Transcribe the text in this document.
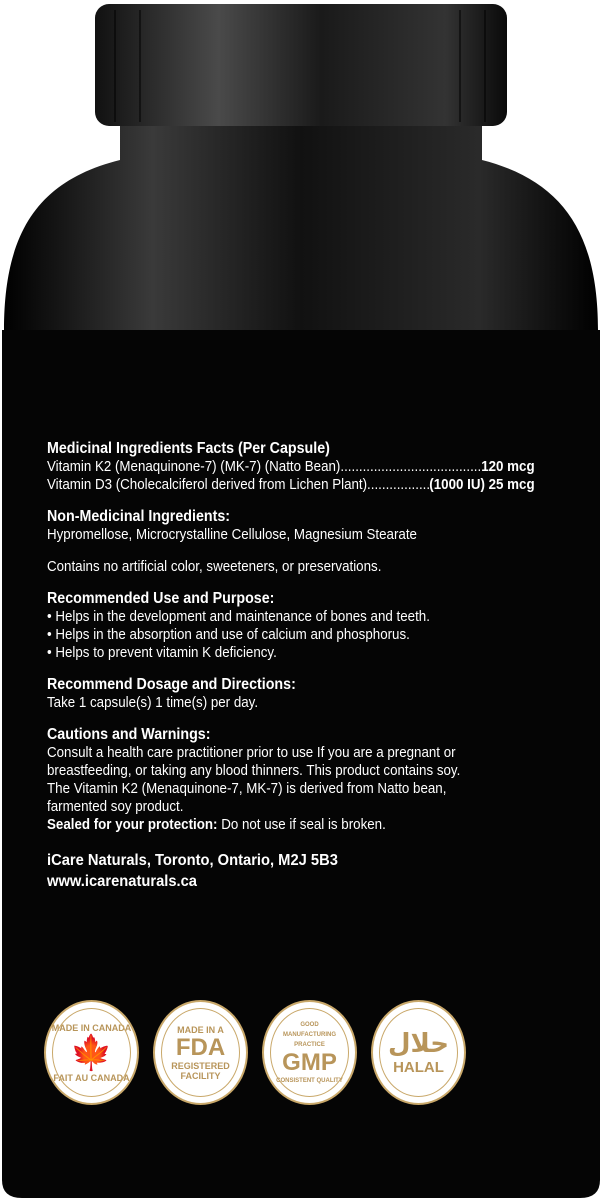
Medicinal Ingredients Facts (Per Capsule)
Vitamin K2 (Menaquinone-7) (MK-7) (Natto Bean) .....	120 mcg
Vitamin D3 (Cholecalciferol derived from Lichen Plant) .....	(1000 IU) 25 mcg
Non-Medicinal Ingredients:
Hypromellose, Microcrystalline Cellulose, Magnesium Stearate
Contains no artificial color, sweeteners, or preservations.
Recommended Use and Purpose:
• Helps in the development and maintenance of bones and teeth.
• Helps in the absorption and use of calcium and phosphorus.
• Helps to prevent vitamin K deficiency.
Recommend Dosage and Directions:
Take 1 capsule(s) 1 time(s) per day.
Cautions and Warnings:
Consult a health care practitioner prior to use If you are a pregnant or
breastfeeding, or taking any blood thinners. This product contains soy.
The Vitamin K2 (Menaquinone-7, MK-7) is derived from Natto bean,
farmented soy product.
Sealed for your protection: Do not use if seal is broken.
iCare Naturals, Toronto, Ontario, M2J 5B3
www.icarenaturals.ca
MADE IN CANADA
🍁
FAIT AU CANADA
MADE IN A
FDA
REGISTERED FACILITY
GOOD MANUFACTURING PRACTICE
GMP
CONSISTENT QUALITY
حلال
HALAL
